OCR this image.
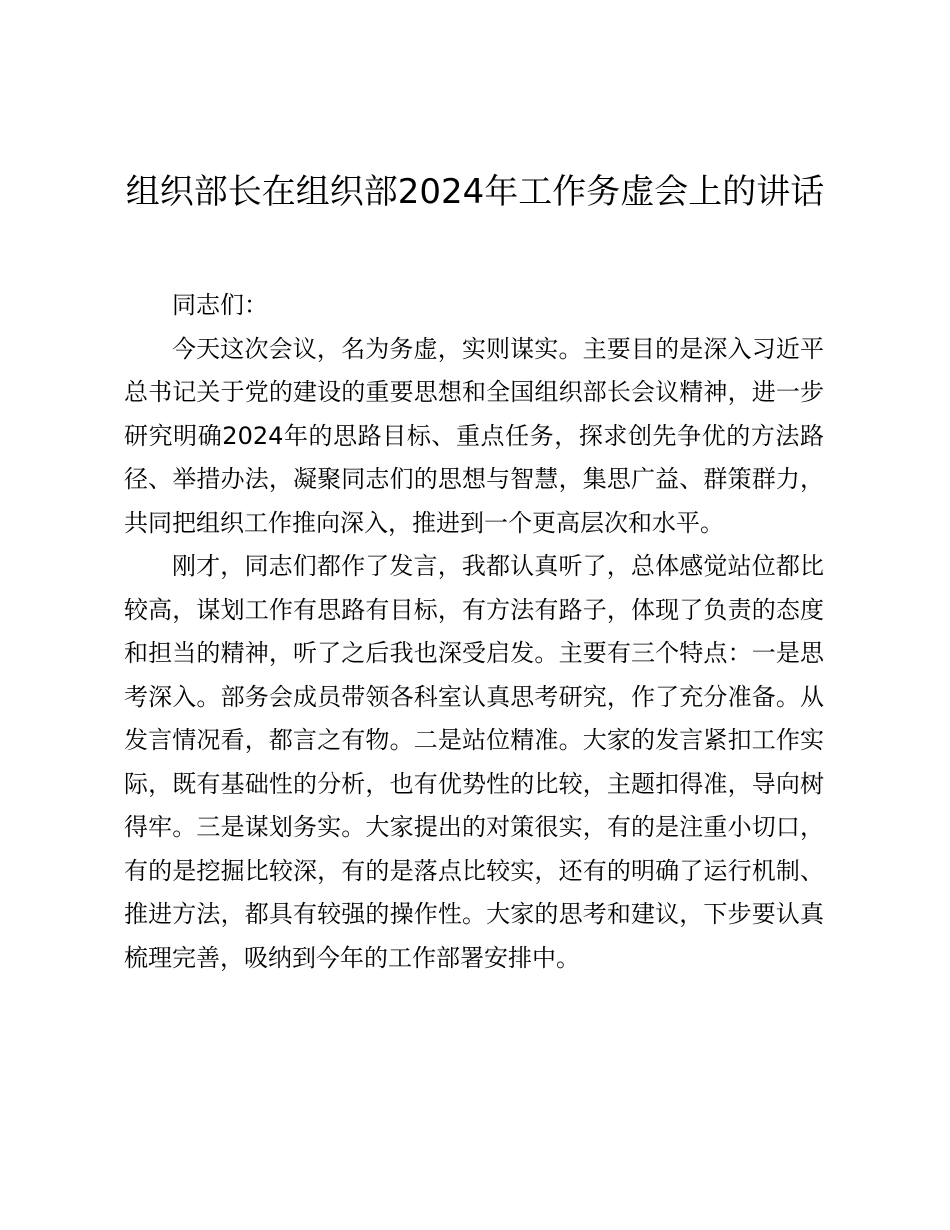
组织部长在组织部2024年工作务虚会上的讲话

同志们：

今天这次会议，名为务虚，实则谋实。主要目的是深入习近平总书记关于党的建设的重要思想和全国组织部长会议精神，进一步研究明确2024年的思路目标、重点任务，探求创先争优的方法路径、举措办法，凝聚同志们的思想与智慧，集思广益、群策群力，共同把组织工作推向深入，推进到一个更高层次和水平。

刚才，同志们都作了发言，我都认真听了，总体感觉站位都比较高，谋划工作有思路有目标，有方法有路子，体现了负责的态度和担当的精神，听了之后我也深受启发。主要有三个特点：一是思考深入。部务会成员带领各科室认真思考研究，作了充分准备。从发言情况看，都言之有物。二是站位精准。大家的发言紧扣工作实际，既有基础性的分析，也有优势性的比较，主题扣得准，导向树得牢。三是谋划务实。大家提出的对策很实，有的是注重小切口，有的是挖掘比较深，有的是落点比较实，还有的明确了运行机制、推进方法，都具有较强的操作性。大家的思考和建议，下步要认真梳理完善，吸纳到今年的工作部署安排中。
